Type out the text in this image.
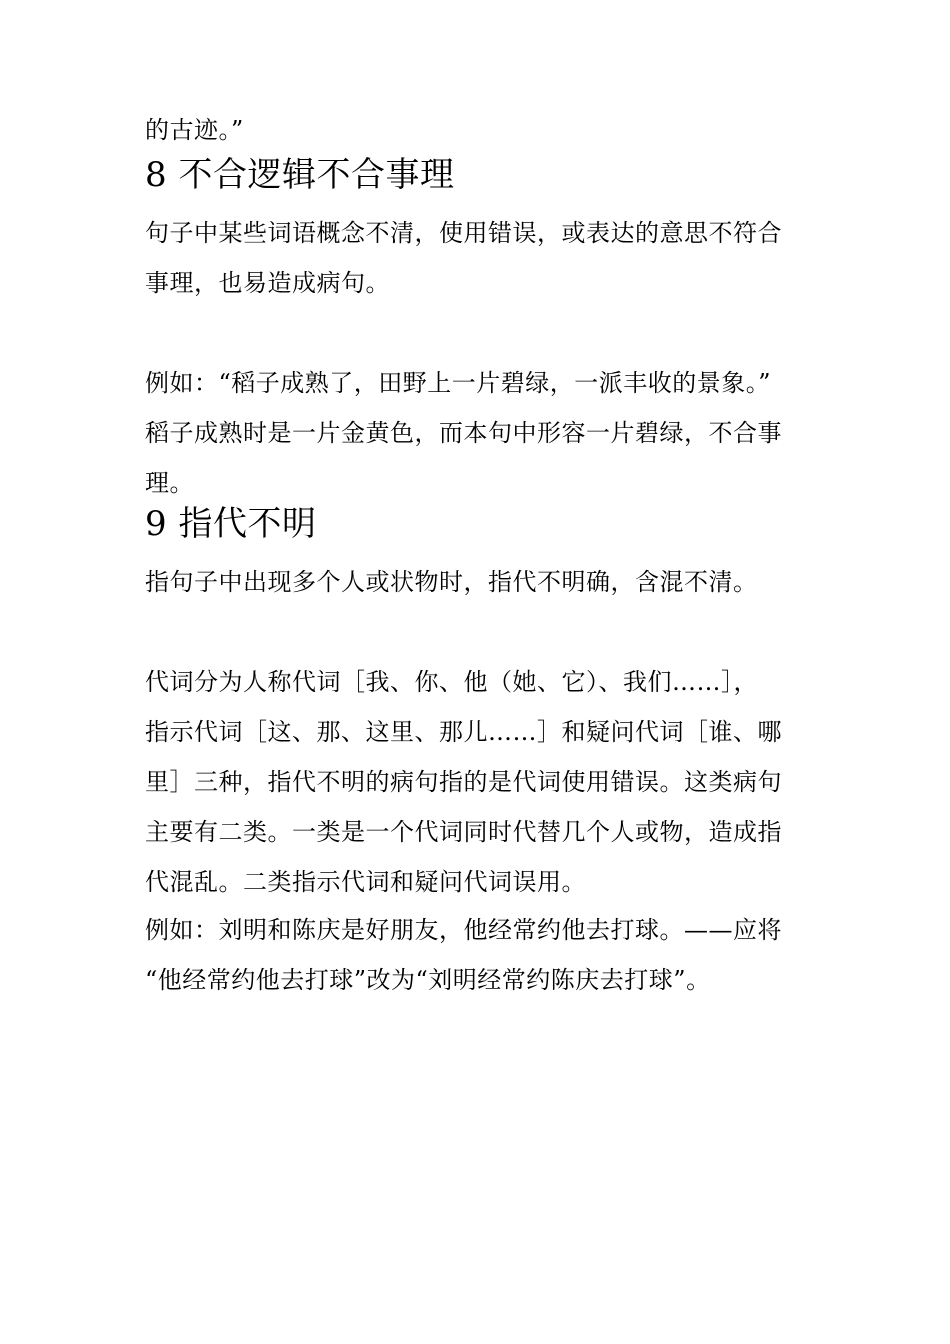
的古迹。”
8 不合逻辑不合事理
句子中某些词语概念不清，使用错误，或表达的意思不符合
事理，也易造成病句。
例如：“稻子成熟了，田野上一片碧绿，一派丰收的景象。”
稻子成熟时是一片金黄色，而本句中形容一片碧绿，不合事
理。
9 指代不明
指句子中出现多个人或状物时，指代不明确，含混不清。
代词分为人称代词［我、你、他（她、它）、我们……］，
指示代词［这、那、这里、那儿……］和疑问代词［谁、哪
里］三种，指代不明的病句指的是代词使用错误。这类病句
主要有二类。一类是一个代词同时代替几个人或物，造成指
代混乱。二类指示代词和疑问代词误用。
例如：刘明和陈庆是好朋友，他经常约他去打球。——应将
“他经常约他去打球”改为“刘明经常约陈庆去打球”。
